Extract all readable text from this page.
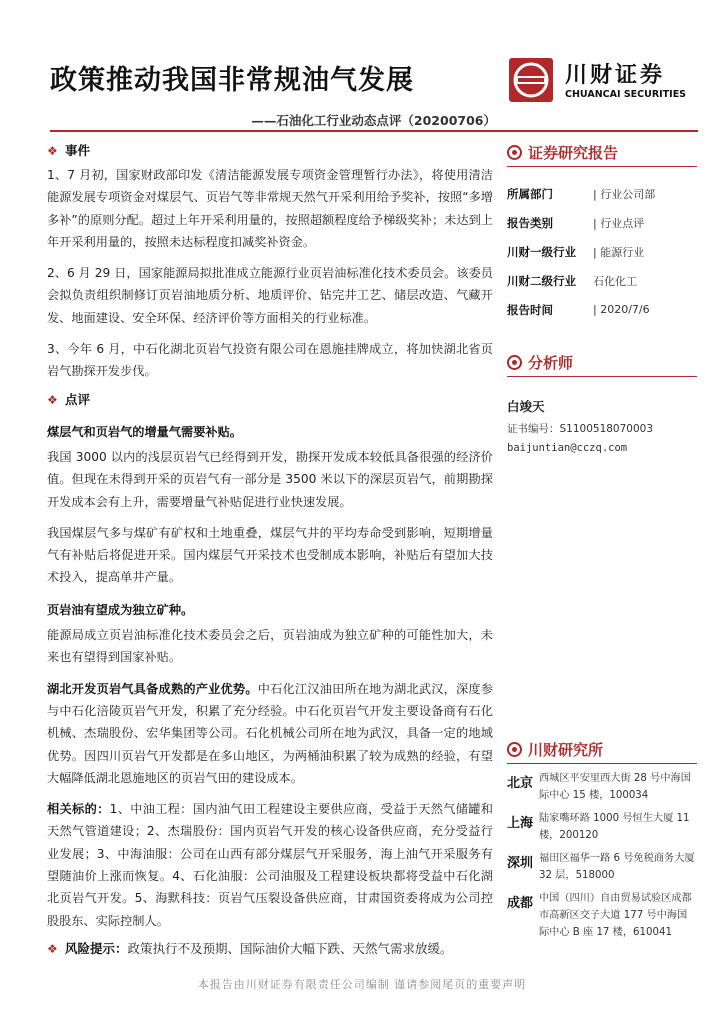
政策推动我国非常规油气发展
——石油化工行业动态点评（20200706）
川财证券
CHUANCAI SECURITIES
❖ 事件

1、7 月初，国家财政部印发《清洁能源发展专项资金管理暂行办法》，将使用清洁能源发展专项资金对煤层气、页岩气等非常规天然气开采利用给予奖补，按照“多增多补”的原则分配。超过上年开采利用量的，按照超额程度给予梯级奖补；未达到上年开采利用量的，按照未达标程度扣减奖补资金。

2、6 月 29 日，国家能源局拟批准成立能源行业页岩油标准化技术委员会。该委员会拟负责组织制修订页岩油地质分析、地质评价、钻完井工艺、储层改造、气藏开发、地面建设、安全环保、经济评价等方面相关的行业标准。

3、今年 6 月，中石化湖北页岩气投资有限公司在恩施挂牌成立，将加快湖北省页岩气勘探开发步伐。

❖ 点评
煤层气和页岩气的增量气需要补贴。

我国 3000 以内的浅层页岩气已经得到开发，勘探开发成本较低具备很强的经济价值。但现在未得到开采的页岩气有一部分是 3500 米以下的深层页岩气，前期勘探开发成本会有上升，需要增量气补贴促进行业快速发展。

我国煤层气多与煤矿有矿权和土地重叠，煤层气井的平均寿命受到影响，短期增量气有补贴后将促进开采。国内煤层气开采技术也受制成本影响，补贴后有望加大技术投入，提高单井产量。

页岩油有望成为独立矿种。

能源局成立页岩油标准化技术委员会之后，页岩油成为独立矿种的可能性加大，未来也有望得到国家补贴。

湖北开发页岩气具备成熟的产业优势。中石化江汉油田所在地为湖北武汉，深度参与中石化涪陵页岩气开发，积累了充分经验。中石化页岩气开发主要设备商有石化机械、杰瑞股份、宏华集团等公司。石化机械公司所在地为武汉，具备一定的地域优势。因四川页岩气开发都是在多山地区，为两桶油积累了较为成熟的经验，有望大幅降低湖北恩施地区的页岩气田的建设成本。

相关标的：1、中油工程：国内油气田工程建设主要供应商，受益于天然气储罐和天然气管道建设；2、杰瑞股份：国内页岩气开发的核心设备供应商，充分受益行业发展；3、中海油服：公司在山西有部分煤层气开采服务，海上油气开采服务有望随油价上涨而恢复。4、石化油服：公司油服及工程建设板块都将受益中石化湖北页岩气开发。5、海默科技：页岩气压裂设备供应商，甘肃国资委将成为公司控股股东、实际控制人。

❖ 风险提示： 政策执行不及预期、国际油价大幅下跌、天然气需求放缓。
证券研究报告
所属部门	| 行业公司部
报告类别	| 行业点评
川财一级行业	| 能源行业
川财二级行业	石化化工
报告时间	| 2020/7/6
分析师
白竣天
证书编号：S1100518070003
baijuntian@cczq.com
川财研究所
北京 西城区平安里西大街 28 号中海国际中心 15 楼，100034
上海 陆家嘴环路 1000 号恒生大厦 11 楼，200120
深圳 福田区福华一路 6 号免税商务大厦 32 层，518000
成都 中国（四川）自由贸易试验区成都市高新区交子大道 177 号中海国际中心 B 座 17 楼，610041
本报告由川财证券有限责任公司编制 谨请参阅尾页的重要声明
